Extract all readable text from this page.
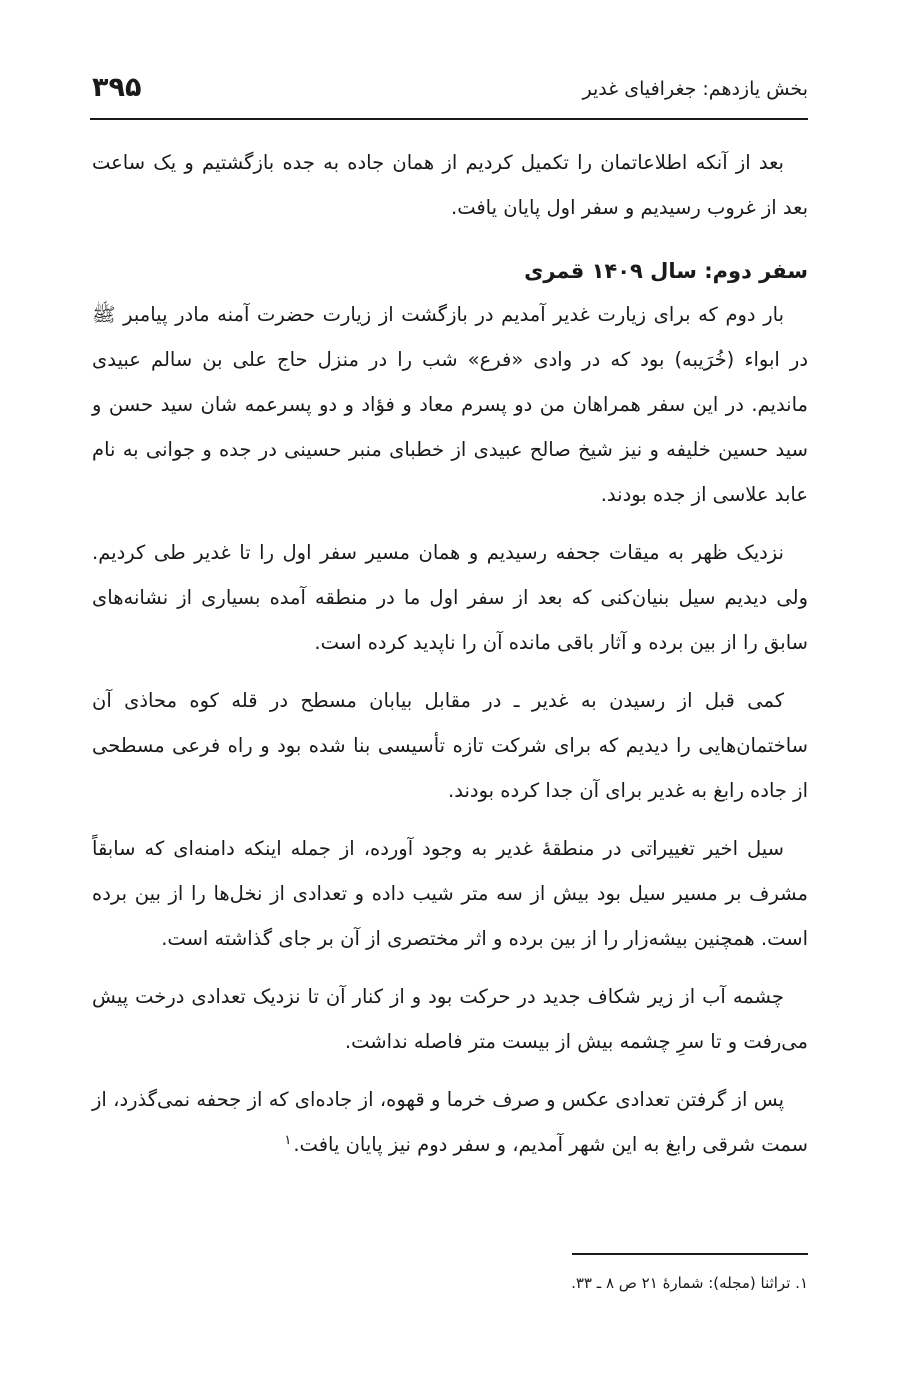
۳۹۵	بخش یازدهم: جغرافیای غدیر

بعد از آنکه اطلاعاتمان را تکمیل کردیم از همان جاده به جده بازگشتیم و یک ساعت بعد از غروب رسیدیم و سفر اول پایان یافت.

سفر دوم: سال ۱۴۰۹ قمری

بار دوم که برای زیارت غدیر آمدیم در بازگشت از زیارت حضرت آمنه مادر پیامبر ﷺ در ابواء (خُرَیبه) بود که در وادی «فرع» شب را در منزل حاج علی بن سالم عبیدی ماندیم. در این سفر همراهان من دو پسرم معاد و فؤاد و دو پسرعمه شان سید حسن و سید حسین خلیفه و نیز شیخ صالح عبیدی از خطبای منبر حسینی در جده و جوانی به نام عابد علاسی از جده بودند.

نزدیک ظهر به میقات جحفه رسیدیم و همان مسیر سفر اول را تا غدیر طی کردیم. ولی دیدیم سیل بنیان‌کنی که بعد از سفر اول ما در منطقه آمده بسیاری از نشانه‌های سابق را از بین برده و آثار باقی مانده آن را ناپدید کرده است.

کمی قبل از رسیدن به غدیر ـ در مقابل بیابان مسطح در قله کوه محاذی آن ساختمان‌هایی را دیدیم که برای شرکت تازه تأسیسی بنا شده بود و راه فرعی مسطحی از جاده رابغ به غدیر برای آن جدا کرده بودند.

سیل اخیر تغییراتی در منطقهٔ غدیر به وجود آورده، از جمله اینکه دامنه‌ای که سابقاً مشرف بر مسیر سیل بود بیش از سه متر شیب داده و تعدادی از نخل‌ها را از بین برده است. همچنین بیشه‌زار را از بین برده و اثر مختصری از آن بر جای گذاشته است.

چشمه آب از زیر شکاف جدید در حرکت بود و از کنار آن تا نزدیک تعدادی درخت پیش می‌رفت و تا سرِ چشمه بیش از بیست متر فاصله نداشت.

پس از گرفتن تعدادی عکس و صرف خرما و قهوه، از جاده‌ای که از جحفه نمی‌گذرد، از سمت شرقی رابغ به این شهر آمدیم، و سفر دوم نیز پایان یافت.$^۱$

۱. تراثنا (مجله): شمارهٔ ۲۱ ص ۸ ـ ۳۳.
